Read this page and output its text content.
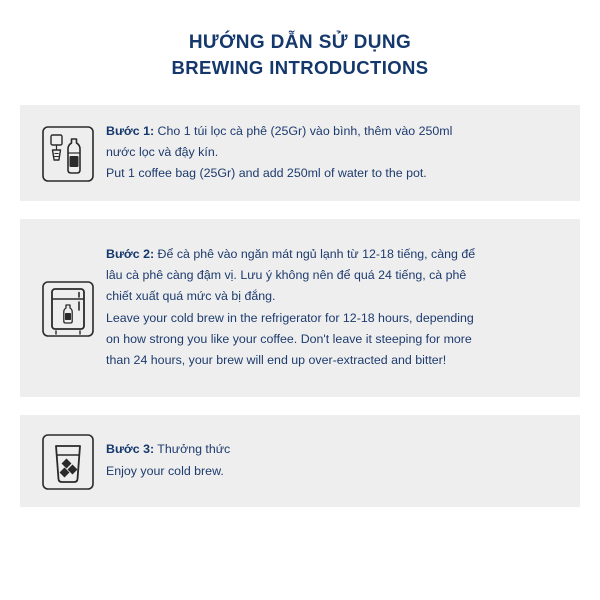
HƯỚNG DẪN SỬ DỤNG
BREWING INTRODUCTIONS
Bước 1: Cho 1 túi lọc cà phê (25Gr) vào bình, thêm vào 250ml
nước lọc và đậy kín.
Put 1 coffee bag (25Gr) and add 250ml of water to the pot.
Bước 2: Để cà phê vào ngăn mát ngủ lạnh từ 12-18 tiếng, càng để
lâu cà phê càng đậm vị. Lưu ý không nên để quá 24 tiếng, cà phê
chiết xuất quá mức và bị đắng.
Leave your cold brew in the refrigerator for 12-18 hours, depending
on how strong you like your coffee. Don't leave it steeping for more
than 24 hours, your brew will end up over-extracted and bitter!
Bước 3: Thưởng thức
Enjoy your cold brew.
